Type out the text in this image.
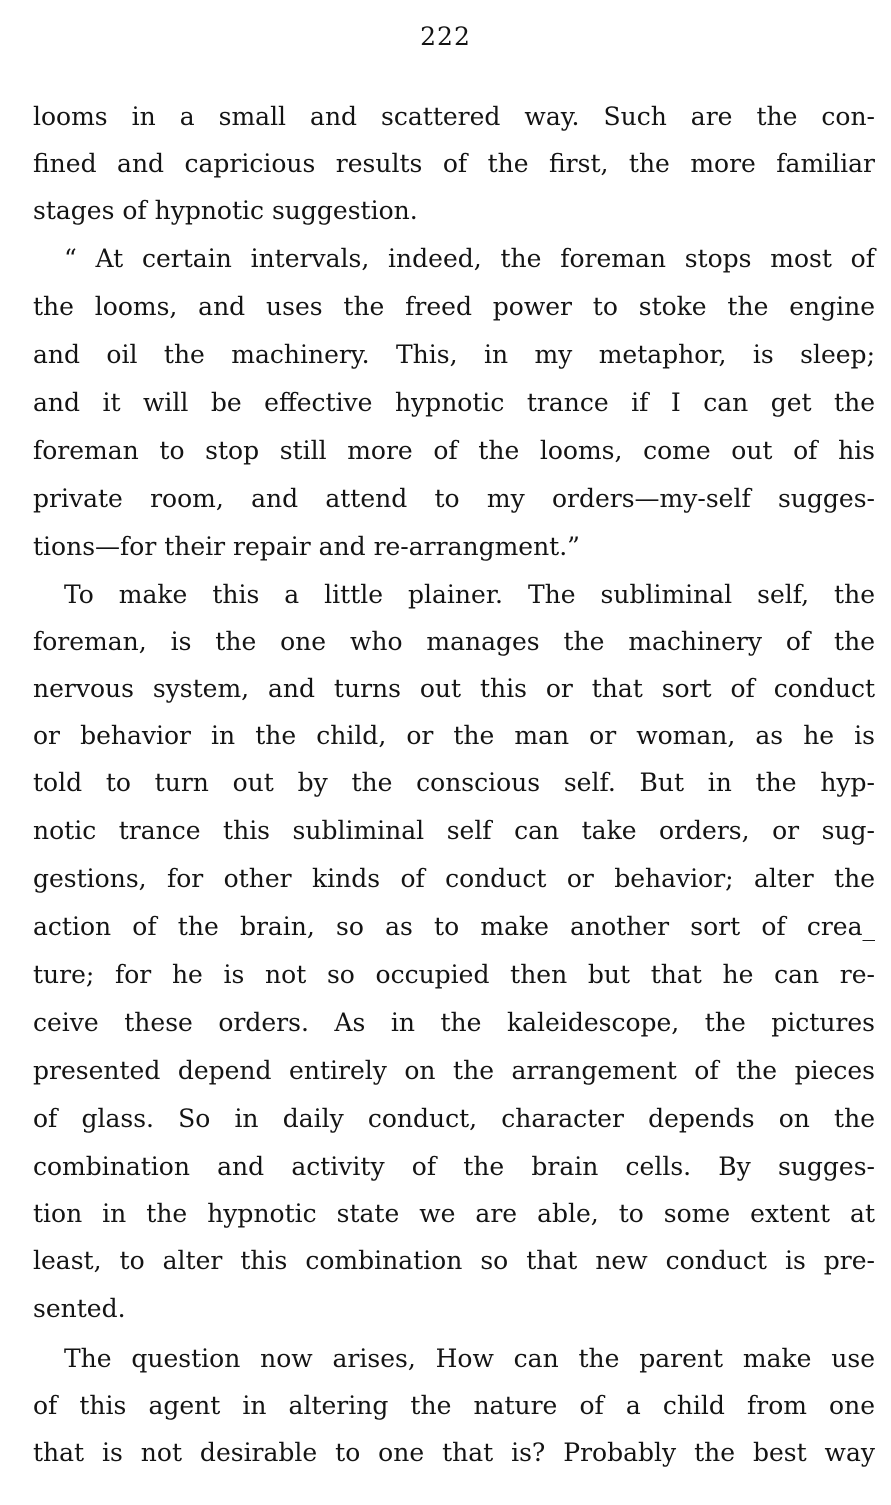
222
looms in a small and scattered way. Such are the con-
fined and capricious results of the first, the more familiar
stages of hypnotic suggestion.
“ At certain intervals, indeed, the foreman stops most of
the looms, and uses the freed power to stoke the engine
and oil the machinery. This, in my metaphor, is sleep;
and it will be effective hypnotic trance if I can get the
foreman to stop still more of the looms, come out of his
private room, and attend to my orders—my-self sugges-
tions—for their repair and re-arrangment.”
To make this a little plainer. The subliminal self, the
foreman, is the one who manages the machinery of the
nervous system, and turns out this or that sort of conduct
or behavior in the child, or the man or woman, as he is
told to turn out by the conscious self. But in the hyp-
notic trance this subliminal self can take orders, or sug-
gestions, for other kinds of conduct or behavior; alter the
action of the brain, so as to make another sort of crea_
ture; for he is not so occupied then but that he can re-
ceive these orders. As in the kaleidescope, the pictures
presented depend entirely on the arrangement of the pieces
of glass. So in daily conduct, character depends on the
combination and activity of the brain cells. By sugges-
tion in the hypnotic state we are able, to some extent at
least, to alter this combination so that new conduct is pre-
sented.
The question now arises, How can the parent make use
of this agent in altering the nature of a child from one
that is not desirable to one that is? Probably the best way
